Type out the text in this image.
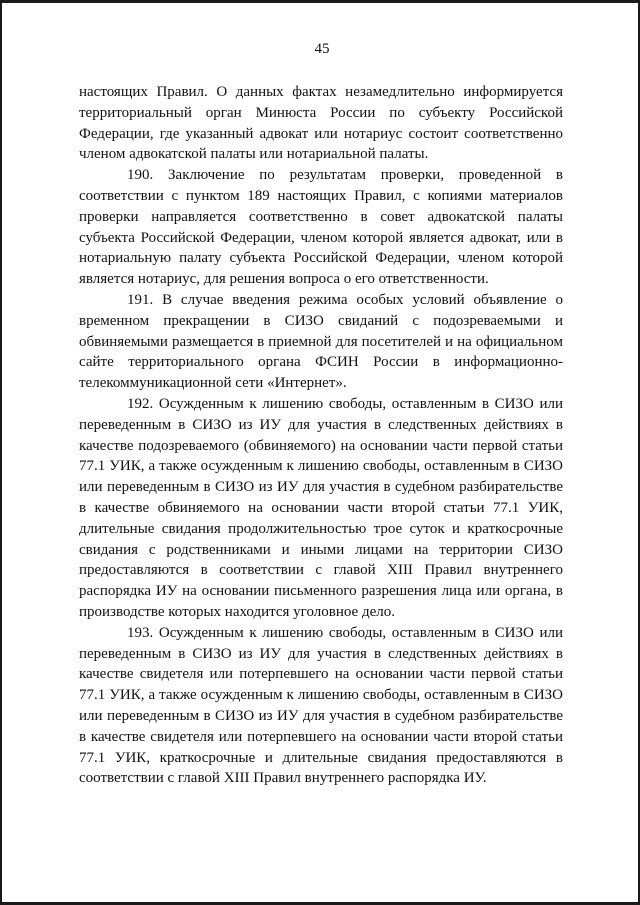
45

настоящих Правил. О данных фактах незамедлительно информируется территориальный орган Минюста России по субъекту Российской Федерации, где указанный адвокат или нотариус состоит соответственно членом адвокатской палаты или нотариальной палаты.

190. Заключение по результатам проверки, проведенной в соответствии с пунктом 189 настоящих Правил, с копиями материалов проверки направляется соответственно в совет адвокатской палаты субъекта Российской Федерации, членом которой является адвокат, или в нотариальную палату субъекта Российской Федерации, членом которой является нотариус, для решения вопроса о его ответственности.

191. В случае введения режима особых условий объявление о временном прекращении в СИЗО свиданий с подозреваемыми и обвиняемыми размещается в приемной для посетителей и на официальном сайте территориального органа ФСИН России в информационно-телекоммуникационной сети «Интернет».

192. Осужденным к лишению свободы, оставленным в СИЗО или переведенным в СИЗО из ИУ для участия в следственных действиях в качестве подозреваемого (обвиняемого) на основании части первой статьи 77.1 УИК, а также осужденным к лишению свободы, оставленным в СИЗО или переведенным в СИЗО из ИУ для участия в судебном разбирательстве в качестве обвиняемого на основании части второй статьи 77.1 УИК, длительные свидания продолжительностью трое суток и краткосрочные свидания с родственниками и иными лицами на территории СИЗО предоставляются в соответствии с главой XIII Правил внутреннего распорядка ИУ на основании письменного разрешения лица или органа, в производстве которых находится уголовное дело.

193. Осужденным к лишению свободы, оставленным в СИЗО или переведенным в СИЗО из ИУ для участия в следственных действиях в качестве свидетеля или потерпевшего на основании части первой статьи 77.1 УИК, а также осужденным к лишению свободы, оставленным в СИЗО или переведенным в СИЗО из ИУ для участия в судебном разбирательстве в качестве свидетеля или потерпевшего на основании части второй статьи 77.1 УИК, краткосрочные и длительные свидания предоставляются в соответствии с главой XIII Правил внутреннего распорядка ИУ.
